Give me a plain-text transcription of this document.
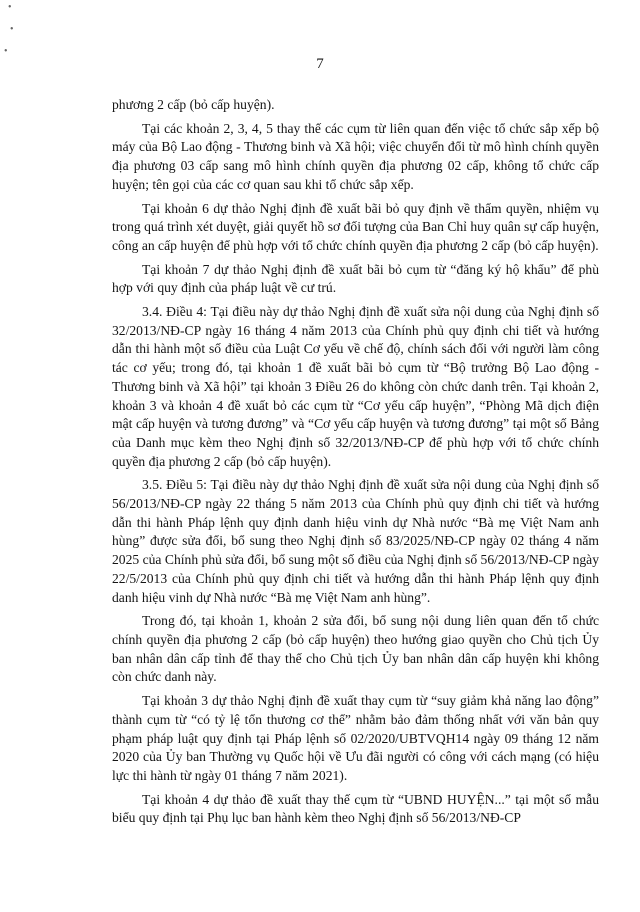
•
•
•
7

phương 2 cấp (bỏ cấp huyện).

Tại các khoản 2, 3, 4, 5 thay thế các cụm từ liên quan đến việc tổ chức sắp xếp bộ máy của Bộ Lao động - Thương binh và Xã hội; việc chuyển đổi từ mô hình chính quyền địa phương 03 cấp sang mô hình chính quyền địa phương 02 cấp, không tổ chức cấp huyện; tên gọi của các cơ quan sau khi tổ chức sắp xếp.

Tại khoản 6 dự thảo Nghị định đề xuất bãi bỏ quy định về thẩm quyền, nhiệm vụ trong quá trình xét duyệt, giải quyết hồ sơ đối tượng của Ban Chỉ huy quân sự cấp huyện, công an cấp huyện để phù hợp với tổ chức chính quyền địa phương 2 cấp (bỏ cấp huyện).

Tại khoản 7 dự thảo Nghị định đề xuất bãi bỏ cụm từ “đăng ký hộ khẩu” để phù hợp với quy định của pháp luật về cư trú.

3.4. Điều 4: Tại điều này dự thảo Nghị định đề xuất sửa nội dung của Nghị định số 32/2013/NĐ-CP ngày 16 tháng 4 năm 2013 của Chính phủ quy định chi tiết và hướng dẫn thi hành một số điều của Luật Cơ yếu về chế độ, chính sách đối với người làm công tác cơ yếu; trong đó, tại khoản 1 đề xuất bãi bỏ cụm từ “Bộ trưởng Bộ Lao động - Thương binh và Xã hội” tại khoản 3 Điều 26 do không còn chức danh trên. Tại khoản 2, khoản 3 và khoản 4 đề xuất bỏ các cụm từ “Cơ yếu cấp huyện”, “Phòng Mã dịch điện mật cấp huyện và tương đương” và “Cơ yếu cấp huyện và tương đương” tại một số Bảng của Danh mục kèm theo Nghị định số 32/2013/NĐ-CP để phù hợp với tổ chức chính quyền địa phương 2 cấp (bỏ cấp huyện).

3.5. Điều 5: Tại điều này dự thảo Nghị định đề xuất sửa nội dung của Nghị định số 56/2013/NĐ-CP ngày 22 tháng 5 năm 2013 của Chính phủ quy định chi tiết và hướng dẫn thi hành Pháp lệnh quy định danh hiệu vinh dự Nhà nước “Bà mẹ Việt Nam anh hùng” được sửa đổi, bổ sung theo Nghị định số 83/2025/NĐ-CP ngày 02 tháng 4 năm 2025 của Chính phủ sửa đổi, bổ sung một số điều của Nghị định số 56/2013/NĐ-CP ngày 22/5/2013 của Chính phủ quy định chi tiết và hướng dẫn thi hành Pháp lệnh quy định danh hiệu vinh dự Nhà nước “Bà mẹ Việt Nam anh hùng”.

Trong đó, tại khoản 1, khoản 2 sửa đổi, bổ sung nội dung liên quan đến tổ chức chính quyền địa phương 2 cấp (bỏ cấp huyện) theo hướng giao quyền cho Chủ tịch Ủy ban nhân dân cấp tỉnh để thay thế cho Chủ tịch Ủy ban nhân dân cấp huyện khi không còn chức danh này.

Tại khoản 3 dự thảo Nghị định đề xuất thay cụm từ “suy giảm khả năng lao động” thành cụm từ “có tỷ lệ tổn thương cơ thể” nhằm bảo đảm thống nhất với văn bản quy phạm pháp luật quy định tại Pháp lệnh số 02/2020/UBTVQH14 ngày 09 tháng 12 năm 2020 của Ủy ban Thường vụ Quốc hội về Ưu đãi người có công với cách mạng (có hiệu lực thi hành từ ngày 01 tháng 7 năm 2021).

Tại khoản 4 dự thảo đề xuất thay thế cụm từ “UBND HUYỆN...” tại một số mẫu biểu quy định tại Phụ lục ban hành kèm theo Nghị định số 56/2013/NĐ-CP
